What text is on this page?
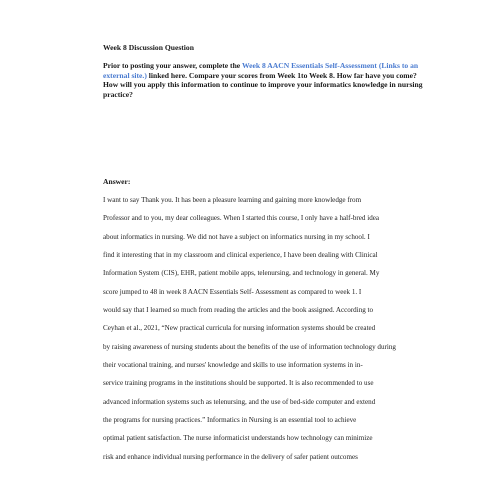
Week 8 Discussion Question
Prior to posting your answer, complete the Week 8 AACN Essentials Self-Assessment (Links to an external site.) linked here. Compare your scores from Week 1to Week 8. How far have you come? How will you apply this information to continue to improve your informatics knowledge in nursing practice?
Answer:
I want to say Thank you. It has been a pleasure learning and gaining more knowledge from
Professor and to you, my dear colleagues. When I started this course, I only have a half-bred idea
about informatics in nursing. We did not have a subject on informatics nursing in my school. I
find it interesting that in my classroom and clinical experience, I have been dealing with Clinical
Information System (CIS), EHR, patient mobile apps, telenursing, and technology in general. My
score jumped to 48 in week 8 AACN Essentials Self- Assessment as compared to week 1. I
would say that I learned so much from reading the articles and the book assigned. According to
Ceyhan et al., 2021, “New practical curricula for nursing information systems should be created
by raising awareness of nursing students about the benefits of the use of information technology during
their vocational training, and nurses' knowledge and skills to use information systems in in-
service training programs in the institutions should be supported. It is also recommended to use
advanced information systems such as telenursing, and the use of bed-side computer and extend
the programs for nursing practices.” Informatics in Nursing is an essential tool to achieve
optimal patient satisfaction. The nurse informaticist understands how technology can minimize
risk and enhance individual nursing performance in the delivery of safer patient outcomes
